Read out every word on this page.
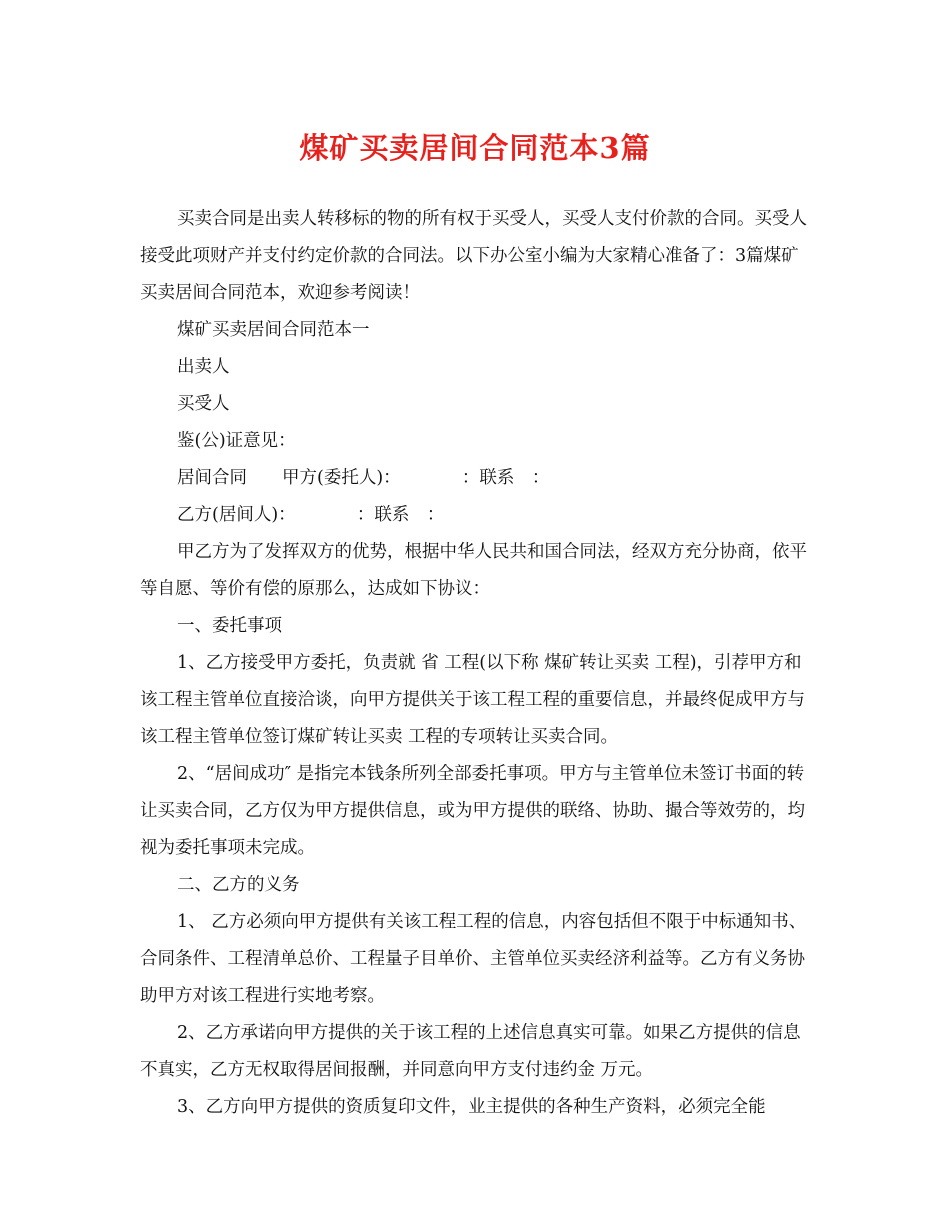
煤矿买卖居间合同范本3篇

买卖合同是出卖人转移标的物的所有权于买受人，买受人支付价款的合同。买受人接受此项财产并支付约定价款的合同法。以下办公室小编为大家精心准备了：3篇煤矿买卖居间合同范本，欢迎参考阅读！

煤矿买卖居间合同范本一

出卖人

买受人

鉴(公)证意见：

居间合同　　甲方(委托人)：　　　　：联系　：

乙方(居间人)：　　　　：联系　：

甲乙方为了发挥双方的优势，根据中华人民共和国合同法，经双方充分协商，依平等自愿、等价有偿的原那么，达成如下协议：

一、委托事项

1、乙方接受甲方委托，负责就 省 工程(以下称 煤矿转让买卖 工程)，引荐甲方和该工程主管单位直接洽谈，向甲方提供关于该工程工程的重要信息，并最终促成甲方与该工程主管单位签订煤矿转让买卖 工程的专项转让买卖合同。

2、“居间成功″ 是指完本钱条所列全部委托事项。甲方与主管单位未签订书面的转让买卖合同，乙方仅为甲方提供信息，或为甲方提供的联络、协助、撮合等效劳的，均视为委托事项未完成。

二、乙方的义务

1、 乙方必须向甲方提供有关该工程工程的信息，内容包括但不限于中标通知书、合同条件、工程清单总价、工程量子目单价、主管单位买卖经济利益等。乙方有义务协助甲方对该工程进行实地考察。

2、乙方承诺向甲方提供的关于该工程的上述信息真实可靠。如果乙方提供的信息不真实，乙方无权取得居间报酬，并同意向甲方支付违约金 万元。

3、乙方向甲方提供的资质复印文件，业主提供的各种生产资料，必须完全能
